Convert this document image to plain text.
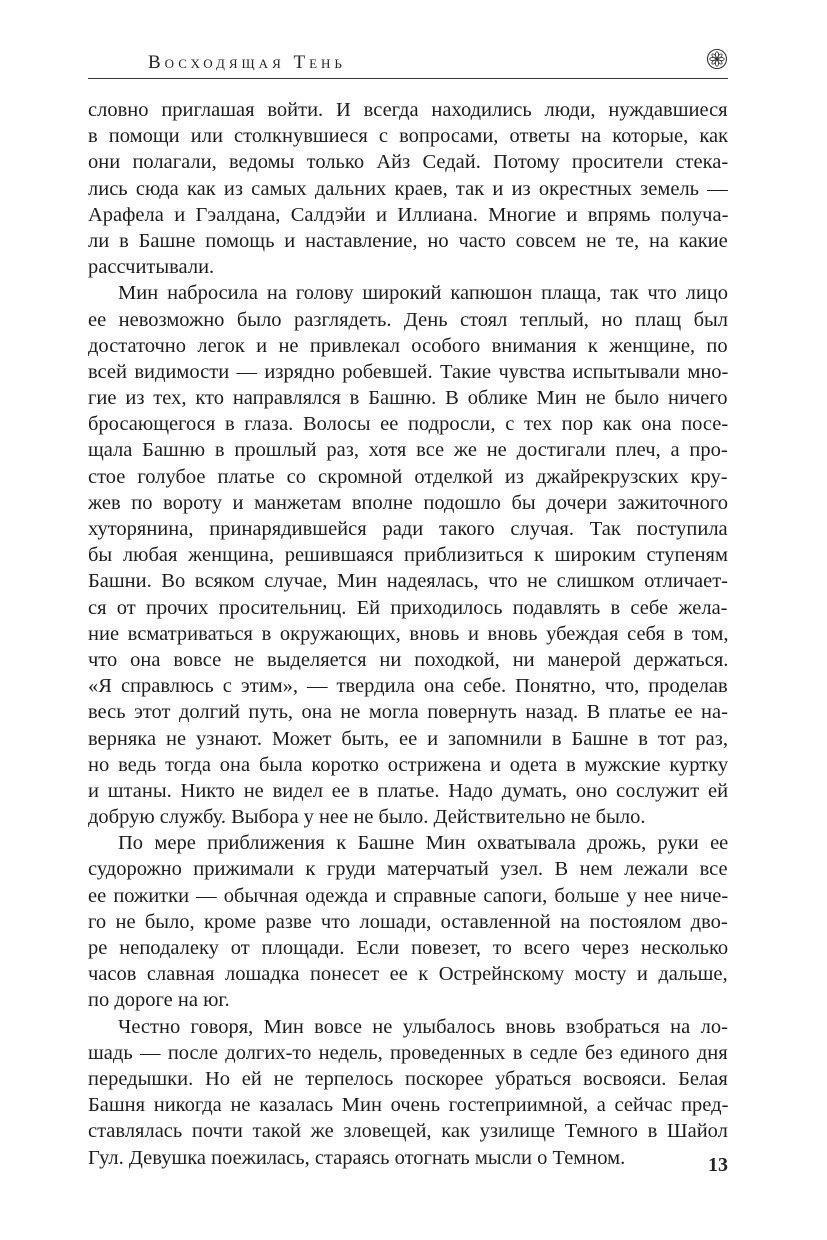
Восходящая Тень
словно приглашая войти. И всегда находились люди, нуждавшиеся
в помощи или столкнувшиеся с вопросами, ответы на которые, как
они полагали, ведомы только Айз Седай. Потому просители стека-
лись сюда как из самых дальних краев, так и из окрестных земель —
Арафела и Гэалдана, Салдэйи и Иллиана. Многие и впрямь получа-
ли в Башне помощь и наставление, но часто совсем не те, на какие
рассчитывали.
Мин набросила на голову широкий капюшон плаща, так что лицо
ее невозможно было разглядеть. День стоял теплый, но плащ был
достаточно легок и не привлекал особого внимания к женщине, по
всей видимости — изрядно робевшей. Такие чувства испытывали мно-
гие из тех, кто направлялся в Башню. В облике Мин не было ничего
бросающегося в глаза. Волосы ее подросли, с тех пор как она посе-
щала Башню в прошлый раз, хотя все же не достигали плеч, а про-
стое голубое платье со скромной отделкой из джайрекрузских кру-
жев по вороту и манжетам вполне подошло бы дочери зажиточного
хуторянина, принарядившейся ради такого случая. Так поступила
бы любая женщина, решившаяся приблизиться к широким ступеням
Башни. Во всяком случае, Мин надеялась, что не слишком отличает-
ся от прочих просительниц. Ей приходилось подавлять в себе жела-
ние всматриваться в окружающих, вновь и вновь убеждая себя в том,
что она вовсе не выделяется ни походкой, ни манерой держаться.
«Я справлюсь с этим», — твердила она себе. Понятно, что, проделав
весь этот долгий путь, она не могла повернуть назад. В платье ее на-
верняка не узнают. Может быть, ее и запомнили в Башне в тот раз,
но ведь тогда она была коротко острижена и одета в мужские куртку
и штаны. Никто не видел ее в платье. Надо думать, оно сослужит ей
добрую службу. Выбора у нее не было. Действительно не было.
По мере приближения к Башне Мин охватывала дрожь, руки ее
судорожно прижимали к груди матерчатый узел. В нем лежали все
ее пожитки — обычная одежда и справные сапоги, больше у нее ниче-
го не было, кроме разве что лошади, оставленной на постоялом дво-
ре неподалеку от площади. Если повезет, то всего через несколько
часов славная лошадка понесет ее к Острейнскому мосту и дальше,
по дороге на юг.
Честно говоря, Мин вовсе не улыбалось вновь взобраться на ло-
шадь — после долгих-то недель, проведенных в седле без единого дня
передышки. Но ей не терпелось поскорее убраться восвояси. Белая
Башня никогда не казалась Мин очень гостеприимной, а сейчас пред-
ставлялась почти такой же зловещей, как узилище Темного в Шайол
Гул. Девушка поежилась, стараясь отогнать мысли о Темном.	13
